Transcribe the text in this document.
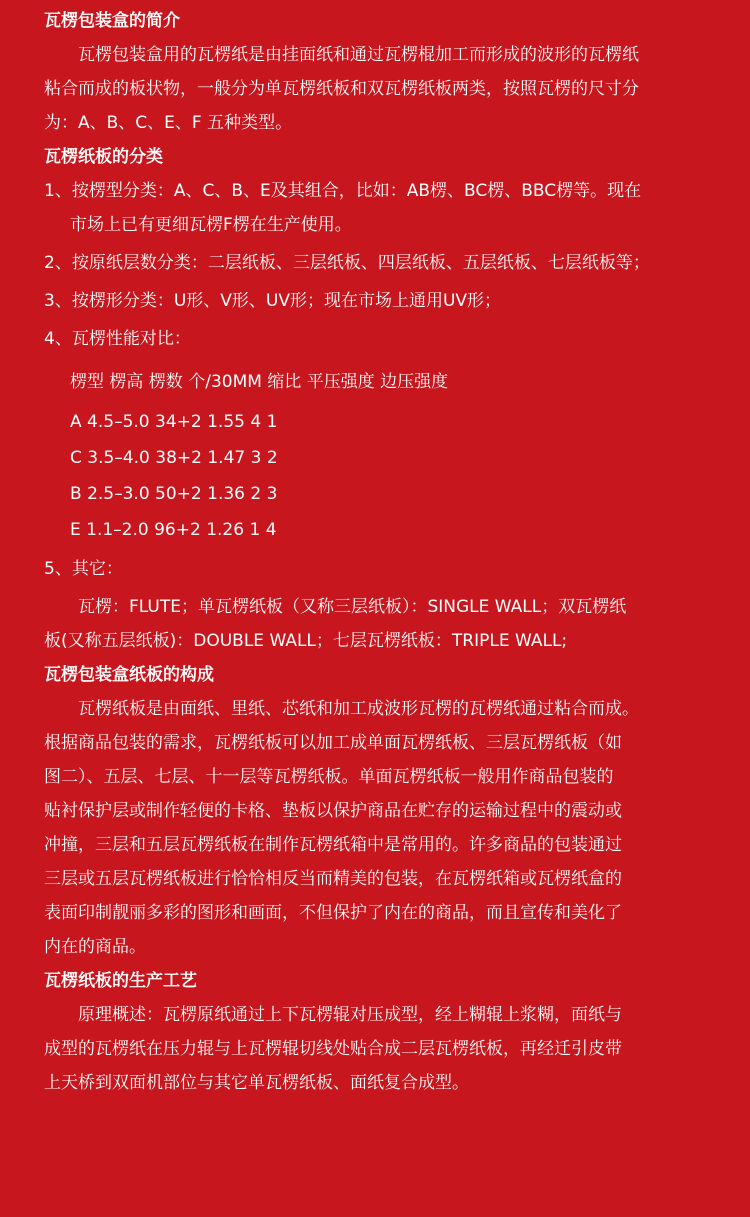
瓦楞包装盒的简介

瓦楞包装盒用的瓦楞纸是由挂面纸和通过瓦楞棍加工而形成的波形的瓦楞纸

粘合而成的板状物，一般分为单瓦楞纸板和双瓦楞纸板两类，按照瓦楞的尺寸分

为：A、B、C、E、F 五种类型。

瓦楞纸板的分类

1、按楞型分类：A、C、B、E及其组合，比如：AB楞、BC楞、BBC楞等。现在

市场上已有更细瓦楞F楞在生产使用。

2、按原纸层数分类：二层纸板、三层纸板、四层纸板、五层纸板、七层纸板等；

3、按楞形分类：U形、V形、UV形；现在市场上通用UV形；

4、瓦楞性能对比：

楞型 楞高 楞数 个/30MM 缩比 平压强度 边压强度

A 4.5–5.0 34+2 1.55 4 1

C 3.5–4.0 38+2 1.47 3 2

B 2.5–3.0 50+2 1.36 2 3

E 1.1–2.0 96+2 1.26 1 4

5、其它：

瓦楞：FLUTE；单瓦楞纸板（又称三层纸板）：SINGLE WALL；双瓦楞纸

板(又称五层纸板)：DOUBLE WALL；七层瓦楞纸板：TRIPLE WALL;

瓦楞包装盒纸板的构成

瓦楞纸板是由面纸、里纸、芯纸和加工成波形瓦楞的瓦楞纸通过粘合而成。

根据商品包装的需求，瓦楞纸板可以加工成单面瓦楞纸板、三层瓦楞纸板（如

图二）、五层、七层、十一层等瓦楞纸板。单面瓦楞纸板一般用作商品包装的

贴衬保护层或制作轻便的卡格、垫板以保护商品在贮存的运输过程中的震动或

冲撞，三层和五层瓦楞纸板在制作瓦楞纸箱中是常用的。许多商品的包装通过

三层或五层瓦楞纸板进行恰恰相反当而精美的包装，在瓦楞纸箱或瓦楞纸盒的

表面印制靓丽多彩的图形和画面，不但保护了内在的商品，而且宣传和美化了

内在的商品。

瓦楞纸板的生产工艺

原理概述：瓦楞原纸通过上下瓦楞辊对压成型，经上糊辊上浆糊，面纸与

成型的瓦楞纸在压力辊与上瓦楞辊切线处贴合成二层瓦楞纸板，再经迁引皮带

上天桥到双面机部位与其它单瓦楞纸板、面纸复合成型。
